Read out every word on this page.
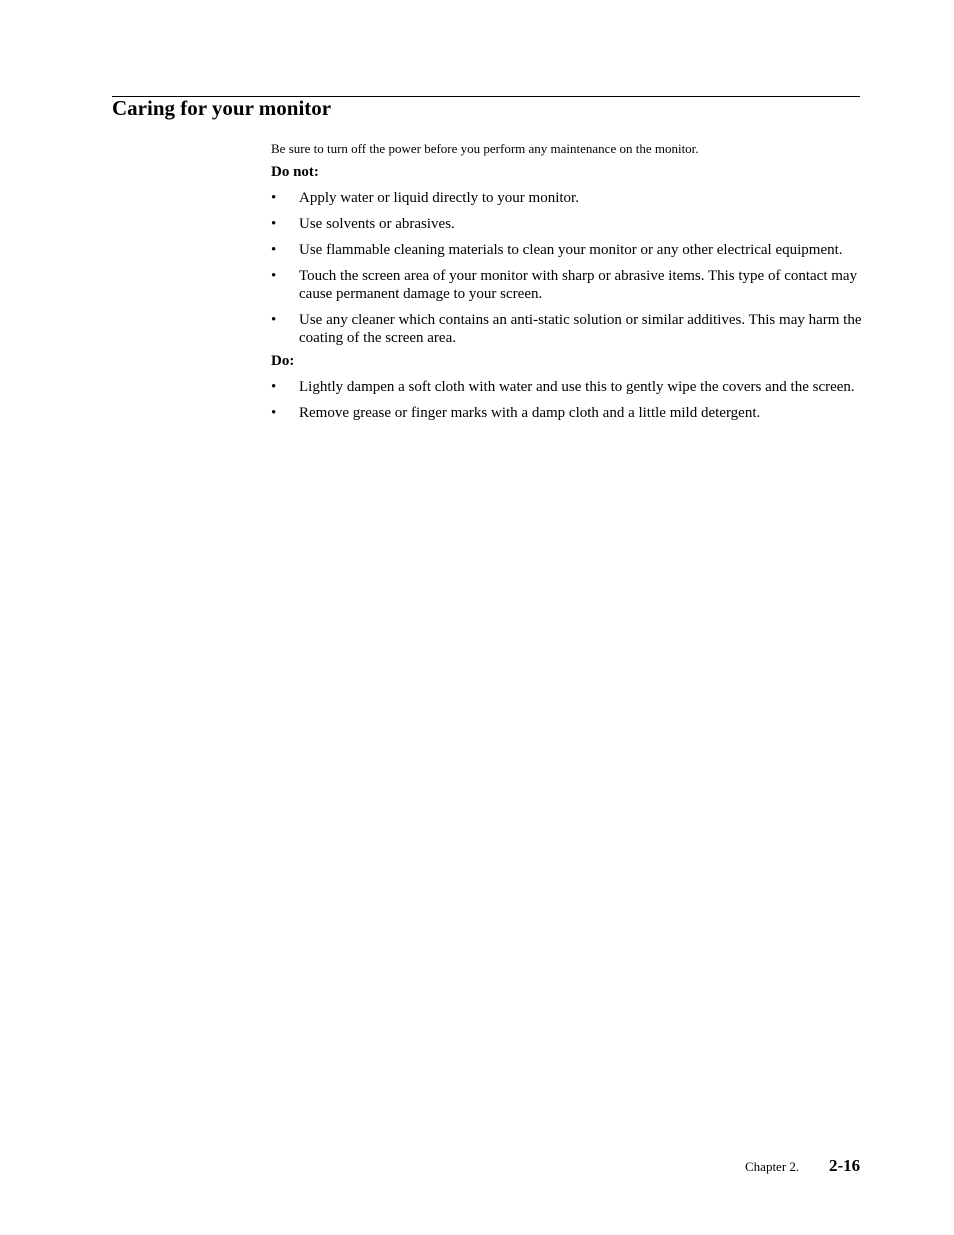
Caring for your monitor

Be sure to turn off the power before you perform any maintenance on the monitor.

Do not:

• Apply water or liquid directly to your monitor.
• Use solvents or abrasives.
• Use flammable cleaning materials to clean your monitor or any other electrical equipment.
• Touch the screen area of your monitor with sharp or abrasive items. This type of contact may cause permanent damage to your screen.
• Use any cleaner which contains an anti-static solution or similar additives. This may harm the coating of the screen area.

Do:

• Lightly dampen a soft cloth with water and use this to gently wipe the covers and the screen.
• Remove grease or finger marks with a damp cloth and a little mild detergent.
Chapter 2. 2-16
